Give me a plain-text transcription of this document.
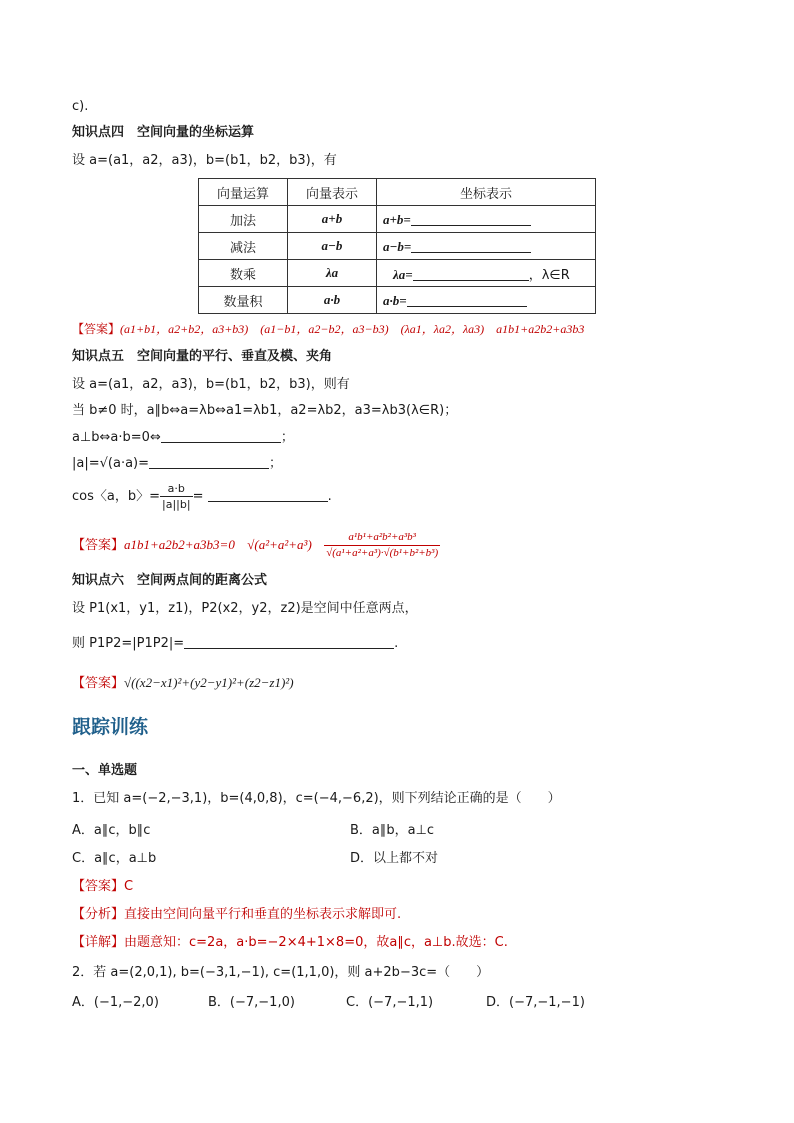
c).
知识点四　空间向量的坐标运算
设 a=(a1，a2，a3)，b=(b1，b2，b3)，有
向量运算	向量表示	坐标表示
加法	a+b	a+b=
减法	a−b	a−b=
数乘	λa	λa= ，λ∈R
数量积	a·b	a·b=
【答案】(a1+b1，a2+b2，a3+b3)　(a1−b1，a2−b2，a3−b3)　(λa1，λa2，λa3)　a1b1+a2b2+a3b3
知识点五　空间向量的平行、垂直及模、夹角
设 a=(a1，a2，a3)，b=(b1，b2，b3)，则有
当 b≠0 时，a∥b⇔a=λb⇔a1=λb1，a2=λb2，a3=λb3(λ∈R)；
a⊥b⇔a·b=0⇔	；
|a|=√(a·a)=	；
cos〈a，b〉= $\frac{a\cdot b}{|a||b|}$ =	.
【答案】a1b1+a2b2+a3b3=0 $√(a^2+a^2+a^3) \frac{\text{a¹b¹+a²b²+a³b³}}{\text{√(a¹+a²+a³)·√(b¹+b²+b³)}}$
知识点六　空间两点间的距离公式
设 P1(x1，y1，z1)，P2(x2，y2，z2)是空间中任意两点，
则 P1P2=|P1P2|=	.
【答案】√((x2−x1)²+(y2−y1)²+(z2−z1)²)
跟踪训练
一、单选题
1．已知 a=(−2,−3,1)，b=(4,0,8)，c=(−4,−6,2)，则下列结论正确的是（　　）
A．a∥c，b∥c	B．a∥b，a⊥c
C．a∥c，a⊥b	D．以上都不对
【答案】C
【分析】直接由空间向量平行和垂直的坐标表示求解即可.
【详解】由题意知：c=2a，a·b=−2×4+1×8=0，故a∥c，a⊥b.故选：C.
2．若 a=(2,0,1), b=(−3,1,−1), c=(1,1,0)，则 a+2b−3c=（　　）
A．(−1,−2,0)	B．(−7,−1,0)	C．(−7,−1,1)	D．(−7,−1,−1)
